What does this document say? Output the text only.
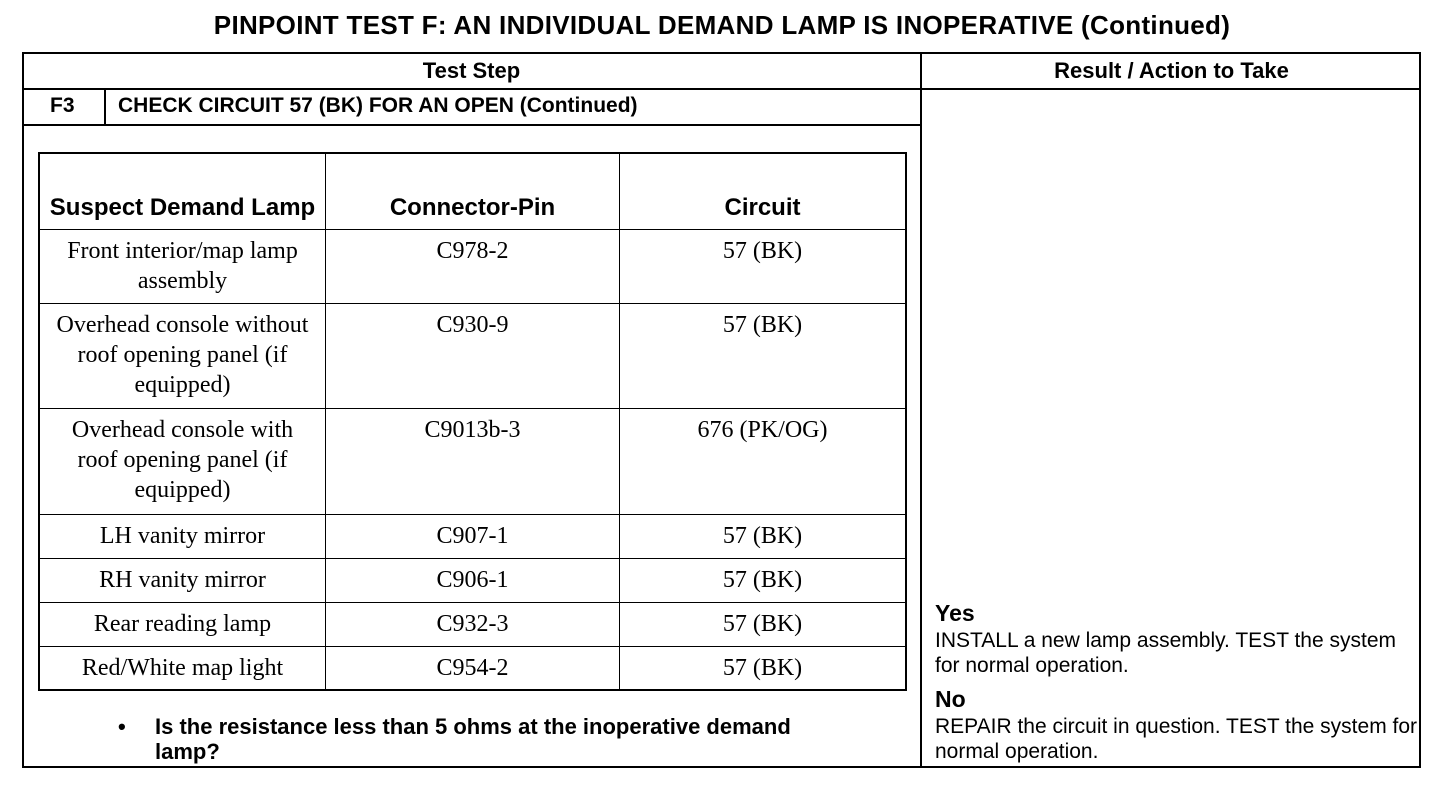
PINPOINT TEST F: AN INDIVIDUAL DEMAND LAMP IS INOPERATIVE (Continued)
Test Step	Result / Action to Take
F3 CHECK CIRCUIT 57 (BK) FOR AN OPEN (Continued)
Suspect Demand Lamp	Connector-Pin	Circuit
Front interior/map lamp assembly	C978-2	57 (BK)
Overhead console without roof opening panel (if equipped)	C930-9	57 (BK)
Overhead console with roof opening panel (if equipped)	C9013b-3	676 (PK/OG)
LH vanity mirror	C907-1	57 (BK)
RH vanity mirror	C906-1	57 (BK)
Rear reading lamp	C932-3	57 (BK)
Red/White map light	C954-2	57 (BK)
• Is the resistance less than 5 ohms at the inoperative demand lamp?
Yes
INSTALL a new lamp assembly. TEST the system for normal operation.
No
REPAIR the circuit in question. TEST the system for normal operation.
